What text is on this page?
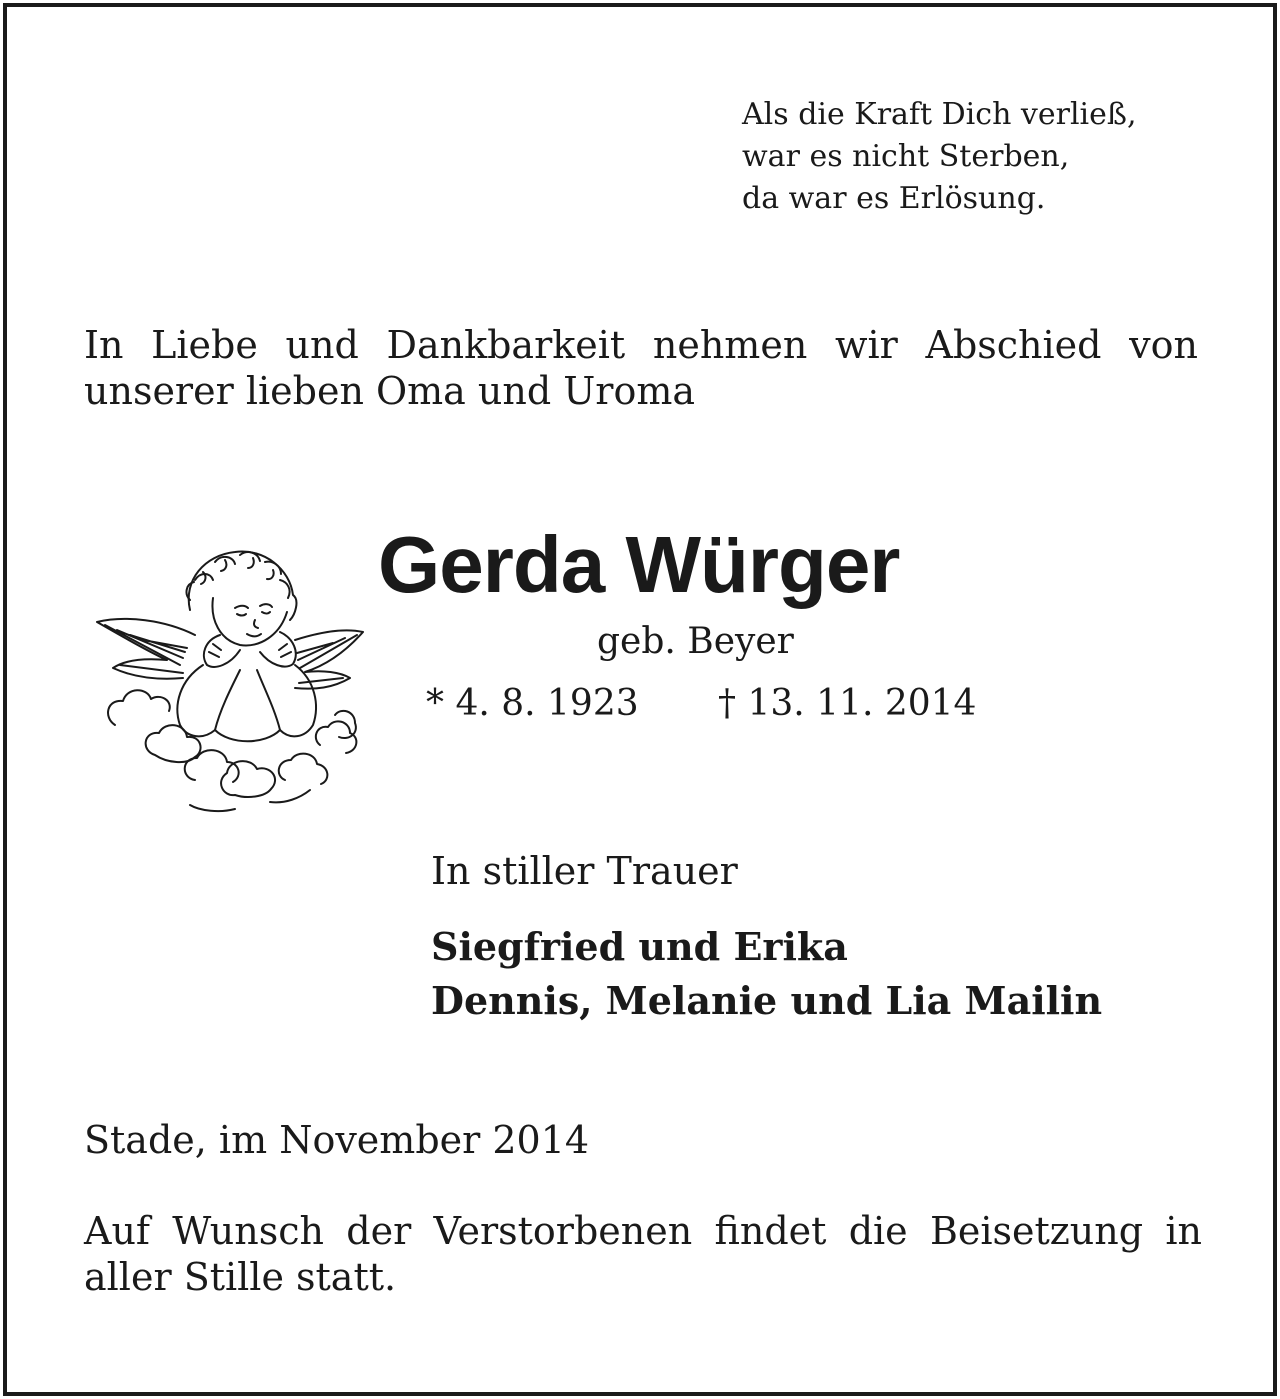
Als die Kraft Dich verließ,
war es nicht Sterben,
da war es Erlösung.
In Liebe und Dankbarkeit nehmen wir Abschied von
unserer lieben Oma und Uroma
Gerda Würger
geb. Beyer
* 4. 8. 1923 † 13. 11. 2014
In stiller Trauer
Siegfried und Erika
Dennis, Melanie und Lia Mailin
Stade, im November 2014
Auf Wunsch der Verstorbenen findet die Beisetzung in
aller Stille statt.
